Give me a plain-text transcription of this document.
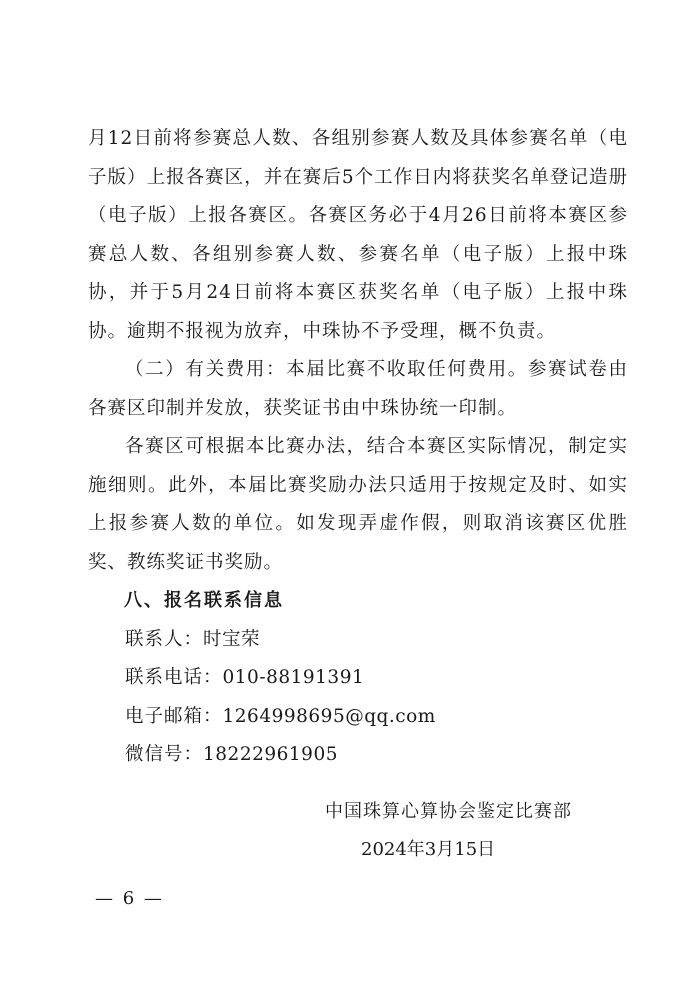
月12日前将参赛总人数、各组别参赛人数及具体参赛名单（电子版）上报各赛区，并在赛后5个工作日内将获奖名单登记造册（电子版）上报各赛区。各赛区务必于4月26日前将本赛区参赛总人数、各组别参赛人数、参赛名单（电子版）上报中珠协，并于5月24日前将本赛区获奖名单（电子版）上报中珠协。逾期不报视为放弃，中珠协不予受理，概不负责。

（二）有关费用：本届比赛不收取任何费用。参赛试卷由各赛区印制并发放，获奖证书由中珠协统一印制。

各赛区可根据本比赛办法，结合本赛区实际情况，制定实施细则。此外，本届比赛奖励办法只适用于按规定及时、如实上报参赛人数的单位。如发现弄虚作假，则取消该赛区优胜奖、教练奖证书奖励。

八、报名联系信息

联系人：时宝荣

联系电话：010-88191391

电子邮箱：1264998695@qq.com

微信号：18222961905

中国珠算心算协会鉴定比赛部

2024年3月15日

— 6 —
